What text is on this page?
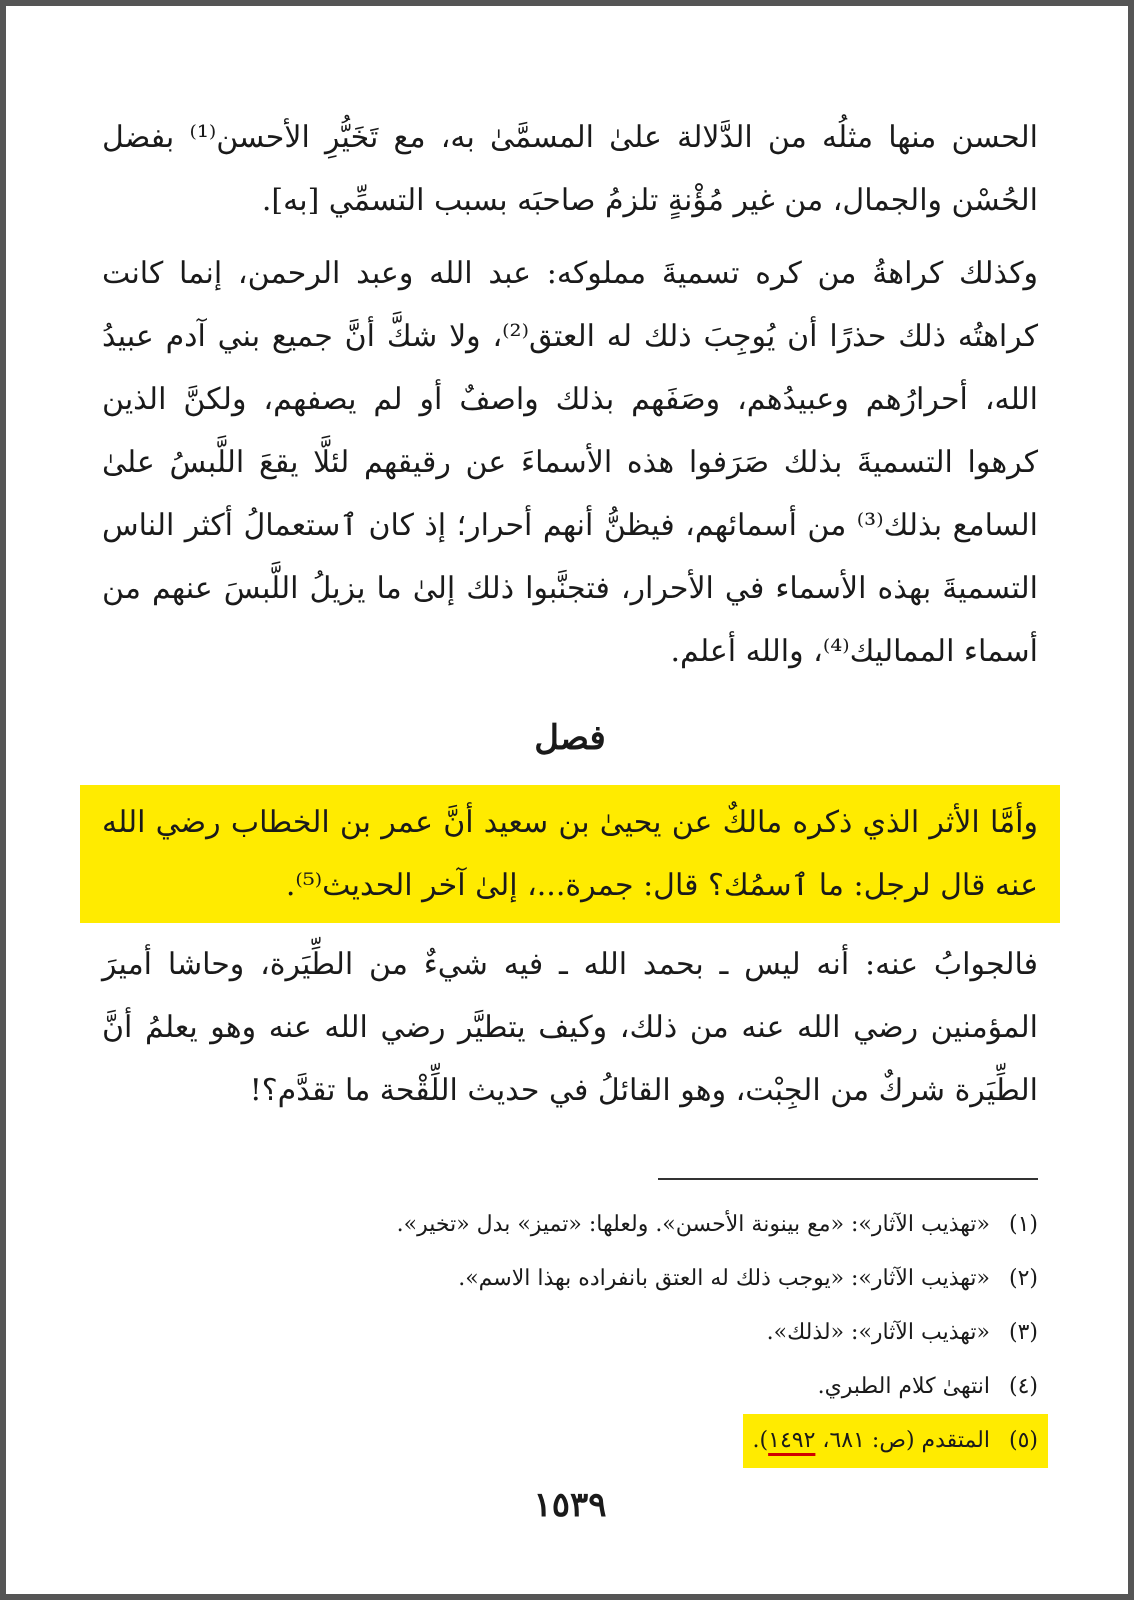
الحسن منها مثلُه من الدَّلالة علىٰ المسمَّىٰ به، مع تَخَيُّرِ الأحسن⁽¹⁾ بفضل الحُسْن والجمال، من غير مُؤْنةٍ تلزمُ صاحبَه بسبب التسمِّي [به].

وكذلك كراهةُ من كره تسميةَ مملوكه: عبد الله وعبد الرحمن، إنما كانت كراهتُه ذلك حذرًا أن يُوجِبَ ذلك له العتق⁽²⁾، ولا شكَّ أنَّ جميع بني آدم عبيدُ الله، أحرارُهم وعبيدُهم، وصَفَهم بذلك واصفٌ أو لم يصفهم، ولكنَّ الذين كرهوا التسميةَ بذلك صَرَفوا هذه الأسماءَ عن رقيقهم لئلَّا يقعَ اللَّبسُ علىٰ السامع بذلك⁽³⁾ من أسمائهم، فيظنُّ أنهم أحرار؛ إذ كان ٱستعمالُ أكثر الناس التسميةَ بهذه الأسماء في الأحرار، فتجنَّبوا ذلك إلىٰ ما يزيلُ اللَّبسَ عنهم من أسماء المماليك⁽⁴⁾، والله أعلم.

فصل

وأمَّا الأثر الذي ذكره مالكٌ عن يحيىٰ بن سعيد أنَّ عمر بن الخطاب رضي الله عنه قال لرجل: ما ٱسمُك؟ قال: جمرة...، إلىٰ آخر الحديث⁽⁵⁾.

فالجوابُ عنه: أنه ليس ـ بحمد الله ـ فيه شيءٌ من الطِّيَرة، وحاشا أميرَ المؤمنين رضي الله عنه من ذلك، وكيف يتطيَّر رضي الله عنه وهو يعلمُ أنَّ الطِّيَرة شركٌ من الجِبْت، وهو القائلُ في حديث اللِّقْحة ما تقدَّم؟!

(١)«تهذيب الآثار»: «مع بينونة الأحسن». ولعلها: «تميز» بدل «تخير».

(٢)«تهذيب الآثار»: «يوجب ذلك له العتق بانفراده بهذا الاسم».

(٣)«تهذيب الآثار»: «لذلك».

(٤)انتهىٰ كلام الطبري.

(٥)المتقدم (ص: ٦٨١، ١٤٩٢).

١٥٣٩
